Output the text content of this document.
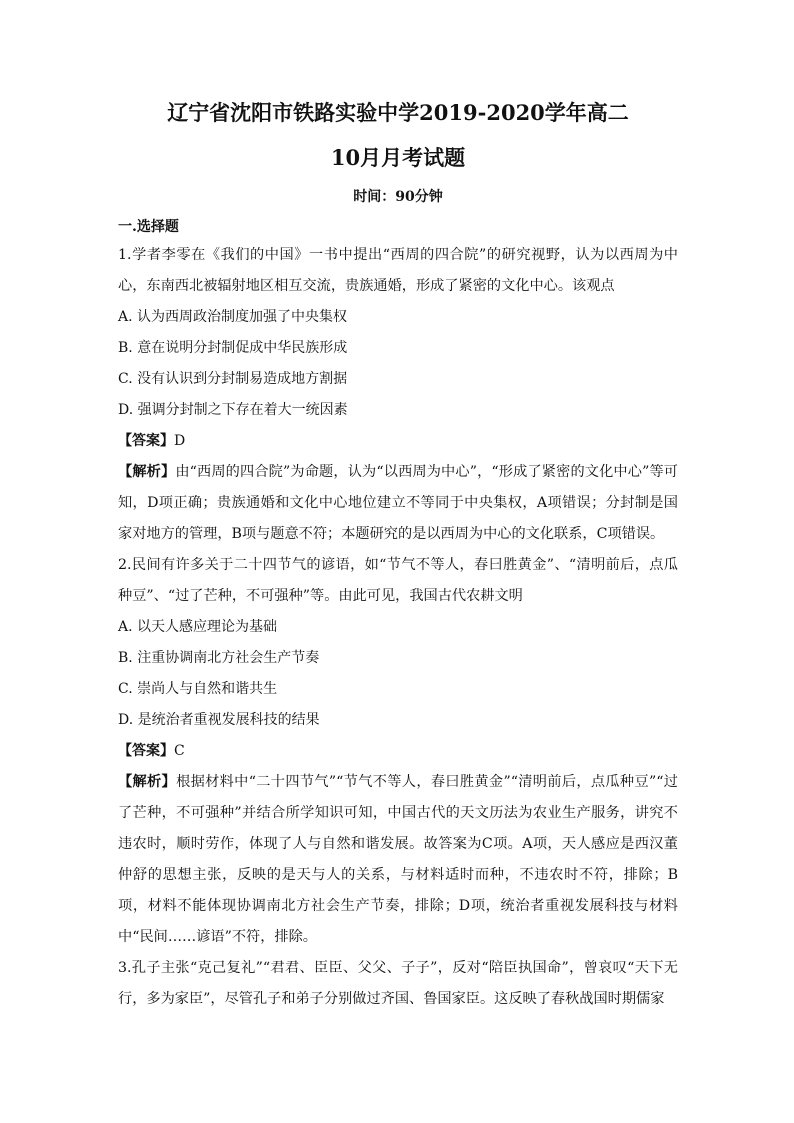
辽宁省沈阳市铁路实验中学2019-2020学年高二
10月月考试题
时间：90分钟
一.选择题

1.学者李零在《我们的中国》一书中提出“西周的四合院”的研究视野，认为以西周为中心，东南西北被辐射地区相互交流，贵族通婚，形成了紧密的文化中心。该观点

A. 认为西周政治制度加强了中央集权

B. 意在说明分封制促成中华民族形成

C. 没有认识到分封制易造成地方割据

D. 强调分封制之下存在着大一统因素

【答案】D

【解析】由“西周的四合院”为命题，认为“以西周为中心”，“形成了紧密的文化中心”等可知，D项正确；贵族通婚和文化中心地位建立不等同于中央集权，A项错误；分封制是国家对地方的管理，B项与题意不符；本题研究的是以西周为中心的文化联系，C项错误。

2.民间有许多关于二十四节气的谚语，如“节气不等人，春曰胜黄金”、“清明前后，点瓜种豆”、“过了芒种，不可强种”等。由此可见，我国古代农耕文明

A. 以天人感应理论为基础

B. 注重协调南北方社会生产节奏

C. 崇尚人与自然和谐共生

D. 是统治者重视发展科技的结果

【答案】C

【解析】根据材料中“二十四节气”“节气不等人，春曰胜黄金”“清明前后，点瓜种豆”“过了芒种，不可强种”并结合所学知识可知，中国古代的天文历法为农业生产服务，讲究不违农时，顺时劳作，体现了人与自然和谐发展。故答案为C项。A项，天人感应是西汉董仲舒的思想主张，反映的是天与人的关系，与材料适时而种，不违农时不符，排除；B项，材料不能体现协调南北方社会生产节奏，排除；D项，统治者重视发展科技与材料中“民间……谚语”不符，排除。

3.孔子主张“克己复礼”“君君、臣臣、父父、子子”，反对“陪臣执国命”，曾哀叹“天下无行，多为家臣”，尽管孔子和弟子分别做过齐国、鲁国家臣。这反映了春秋战国时期儒家
